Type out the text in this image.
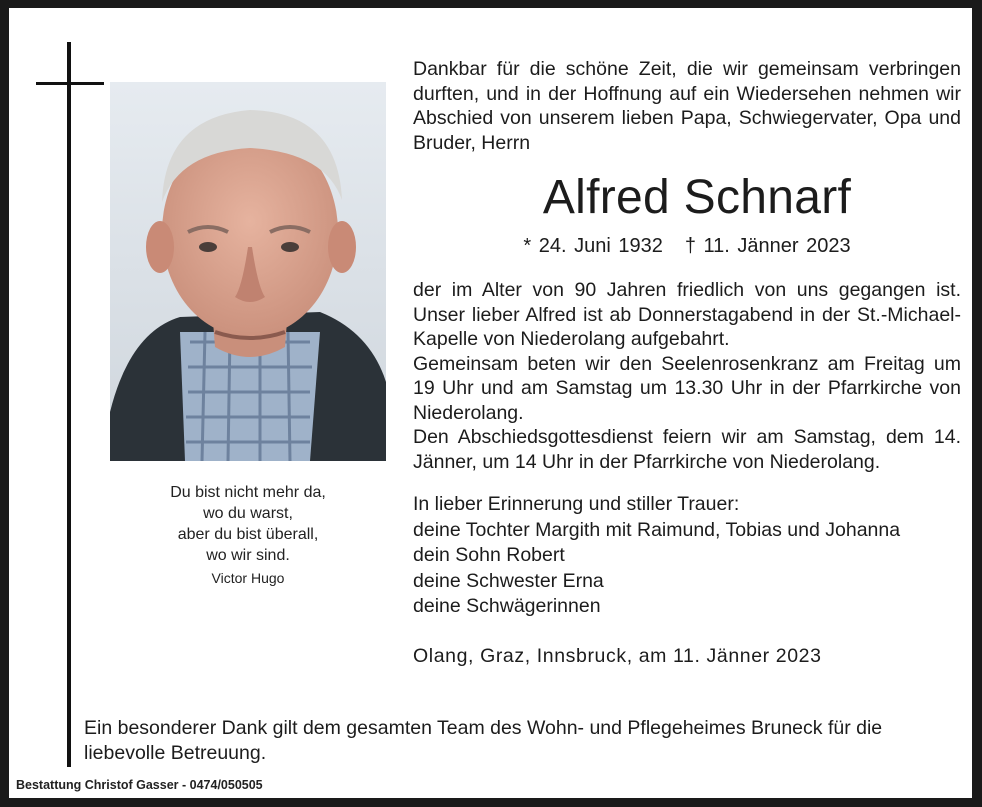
Du bist nicht mehr da,
wo du warst,
aber du bist überall,
wo wir sind.
Victor Hugo

Dankbar für die schöne Zeit, die wir gemeinsam verbringen durften, und in der Hoffnung auf ein Wiedersehen nehmen wir Abschied von unserem lieben Papa, Schwiegervater, Opa und Bruder, Herrn

Alfred Schnarf
* 24. Juni 1932 † 11. Jänner 2023

der im Alter von 90 Jahren friedlich von uns gegangen ist. Unser lieber Alfred ist ab Donnerstagabend in der St.-Michael-Kapelle von Niederolang aufgebahrt.

Gemeinsam beten wir den Seelenrosenkranz am Freitag um 19 Uhr und am Samstag um 13.30 Uhr in der Pfarrkirche von Niederolang.

Den Abschiedsgottesdienst feiern wir am Samstag, dem 14. Jänner, um 14 Uhr in der Pfarrkirche von Niederolang.

In lieber Erinnerung und stiller Trauer:
deine Tochter Margith mit Raimund, Tobias und Johanna
dein Sohn Robert
deine Schwester Erna
deine Schwägerinnen
Olang, Graz, Innsbruck, am 11. Jänner 2023
Ein besonderer Dank gilt dem gesamten Team des Wohn- und Pflegeheimes Bruneck für die liebevolle Betreuung.
Bestattung Christof Gasser - 0474/050505
